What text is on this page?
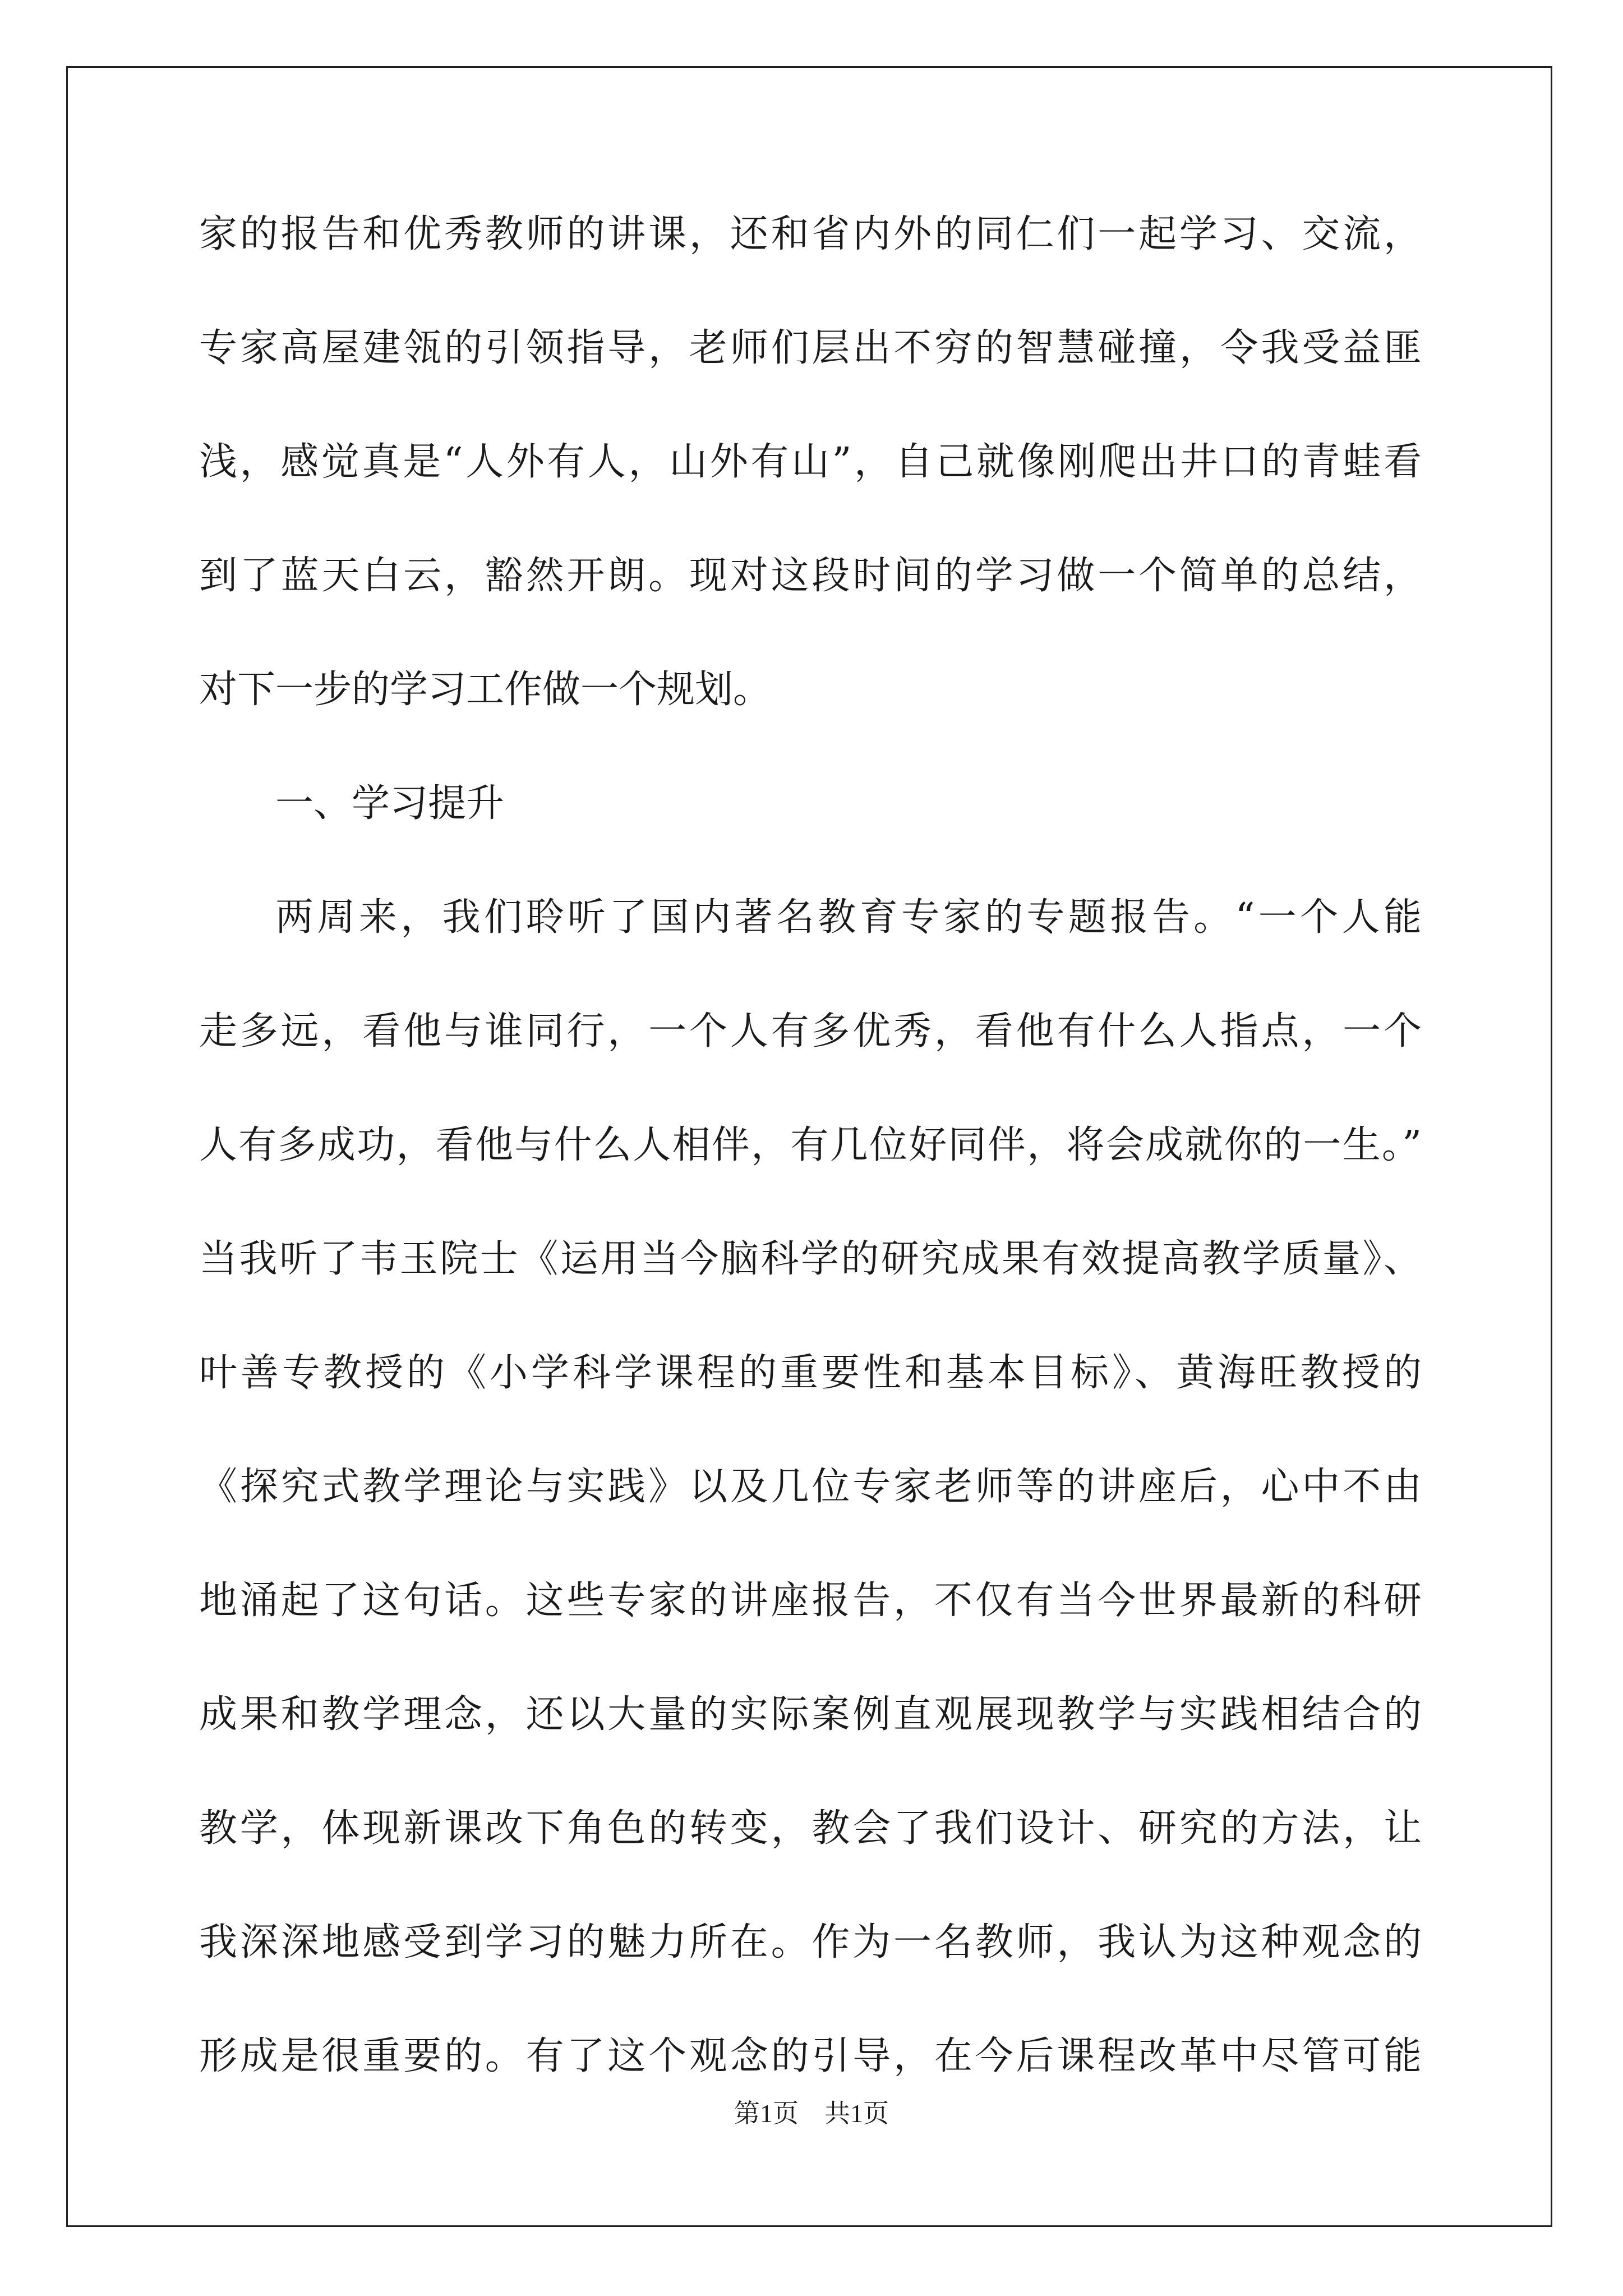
家的报告和优秀教师的讲课，还和省内外的同仁们一起学习、交流，
专家高屋建瓴的引领指导，老师们层出不穷的智慧碰撞，令我受益匪
浅，感觉真是“人外有人，山外有山”，自己就像刚爬出井口的青蛙看
到了蓝天白云，豁然开朗。现对这段时间的学习做一个简单的总结，
对下一步的学习工作做一个规划。
一、学习提升
两周来，我们聆听了国内著名教育专家的专题报告。“一个人能
走多远，看他与谁同行，一个人有多优秀，看他有什么人指点，一个
人有多成功，看他与什么人相伴，有几位好同伴，将会成就你的一生。”
当我听了韦玉院士《运用当今脑科学的研究成果有效提高教学质量》、
叶善专教授的《小学科学课程的重要性和基本目标》、黄海旺教授的
《探究式教学理论与实践》以及几位专家老师等的讲座后，心中不由
地涌起了这句话。这些专家的讲座报告，不仅有当今世界最新的科研
成果和教学理念，还以大量的实际案例直观展现教学与实践相结合的
教学，体现新课改下角色的转变，教会了我们设计、研究的方法，让
我深深地感受到学习的魅力所在。作为一名教师，我认为这种观念的
形成是很重要的。有了这个观念的引导，在今后课程改革中尽管可能
第1页 共1页
